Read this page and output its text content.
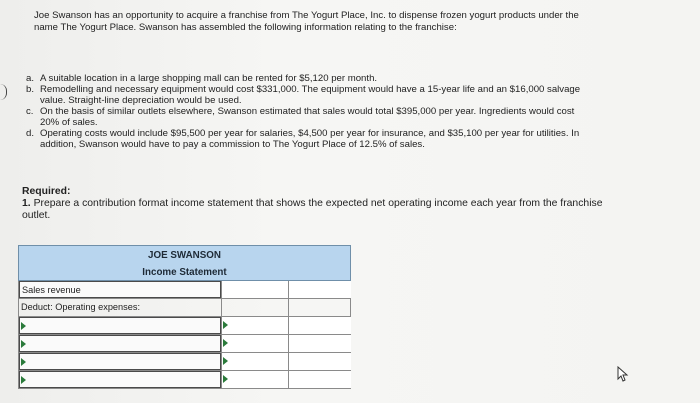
Joe Swanson has an opportunity to acquire a franchise from The Yogurt Place, Inc. to dispense frozen yogurt products under the
name The Yogurt Place. Swanson has assembled the following information relating to the franchise:
a. A suitable location in a large shopping mall can be rented for $5,120 per month.
b. Remodelling and necessary equipment would cost $331,000. The equipment would have a 15-year life and an $16,000 salvage
value. Straight-line depreciation would be used.
c. On the basis of similar outlets elsewhere, Swanson estimated that sales would total $395,000 per year. Ingredients would cost
20% of sales.
d. Operating costs would include $95,500 per year for salaries, $4,500 per year for insurance, and $35,100 per year for utilities. In
addition, Swanson would have to pay a commission to The Yogurt Place of 12.5% of sales.
Required:
1. Prepare a contribution format income statement that shows the expected net operating income each year from the franchise
outlet.
JOE SWANSON
Income Statement
Sales revenue
Deduct: Operating expenses:
